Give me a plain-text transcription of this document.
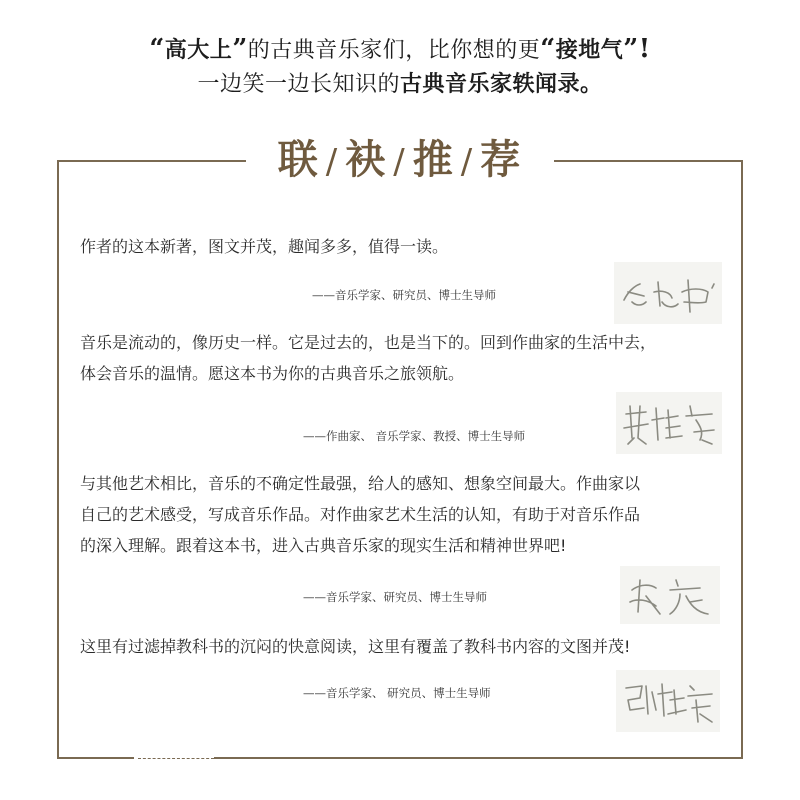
“高大上”的古典音乐家们，比你想的更“接地气”!
一边笑一边长知识的古典音乐家轶闻录。
联 / 袂 / 推 / 荐
作者的这本新著，图文并茂，趣闻多多，值得一读。
——音乐学家、研究员、博士生导师
音乐是流动的，像历史一样。它是过去的，也是当下的。回到作曲家的生活中去，
体会音乐的温情。愿这本书为你的古典音乐之旅领航。
——作曲家、 音乐学家、教授、博士生导师
与其他艺术相比，音乐的不确定性最强，给人的感知、想象空间最大。作曲家以
自己的艺术感受，写成音乐作品。对作曲家艺术生活的认知，有助于对音乐作品
的深入理解。跟着这本书，进入古典音乐家的现实生活和精神世界吧!
——音乐学家、研究员、博士生导师
这里有过滤掉教科书的沉闷的快意阅读，这里有覆盖了教科书内容的文图并茂!
——音乐学家、 研究员、博士生导师
